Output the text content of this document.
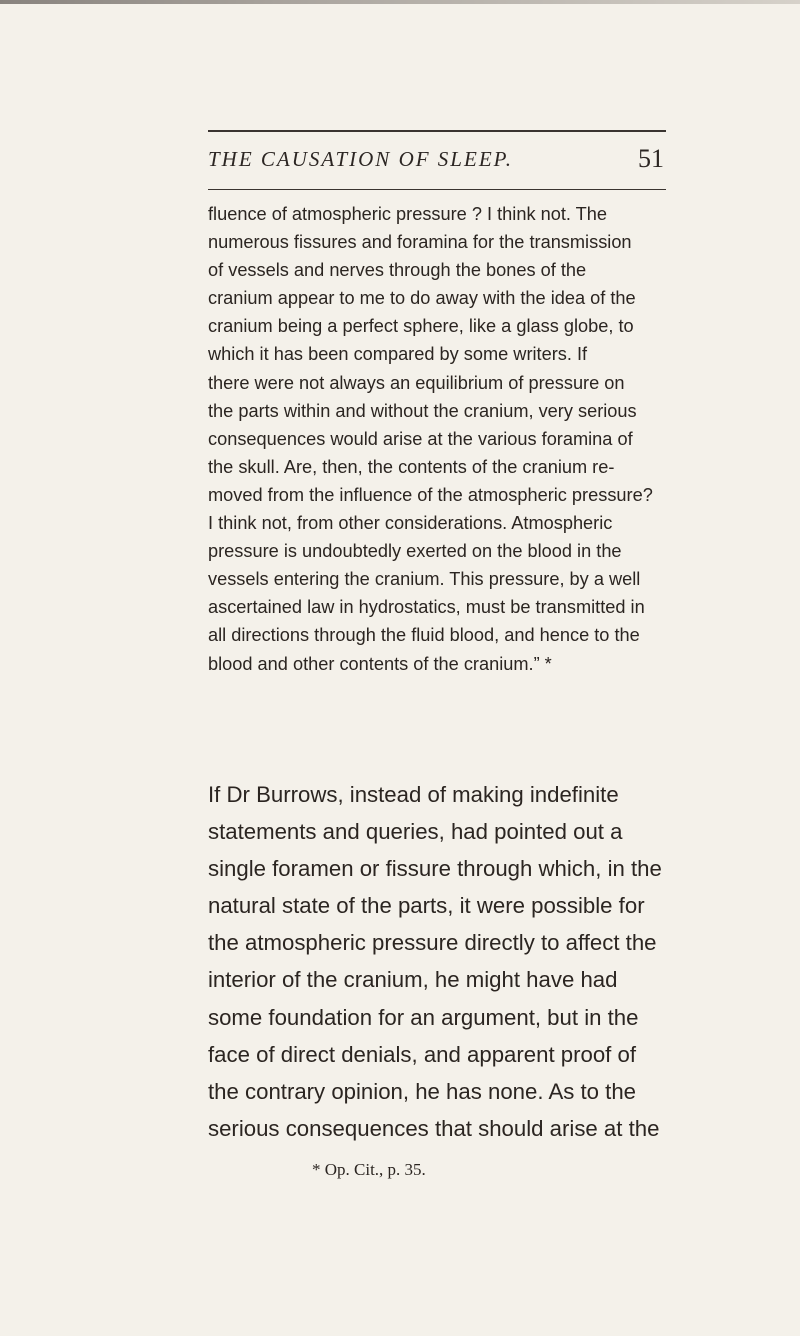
THE CAUSATION OF SLEEP.	51
fluence of atmospheric pressure ? I think not. The
numerous fissures and foramina for the transmission
of vessels and nerves through the bones of the
cranium appear to me to do away with the idea of the
cranium being a perfect sphere, like a glass globe, to
which it has been compared by some writers. If
there were not always an equilibrium of pressure on
the parts within and without the cranium, very serious
consequences would arise at the various foramina of
the skull. Are, then, the contents of the cranium re-
moved from the influence of the atmospheric pressure?
I think not, from other considerations. Atmospheric
pressure is undoubtedly exerted on the blood in the
vessels entering the cranium. This pressure, by a well
ascertained law in hydrostatics, must be transmitted in
all directions through the fluid blood, and hence to the
blood and other contents of the cranium.” *
If Dr Burrows, instead of making indefinite
statements and queries, had pointed out a
single foramen or fissure through which, in the
natural state of the parts, it were possible for
the atmospheric pressure directly to affect the
interior of the cranium, he might have had
some foundation for an argument, but in the
face of direct denials, and apparent proof of
the contrary opinion, he has none. As to the
serious consequences that should arise at the
* Op. Cit., p. 35.
